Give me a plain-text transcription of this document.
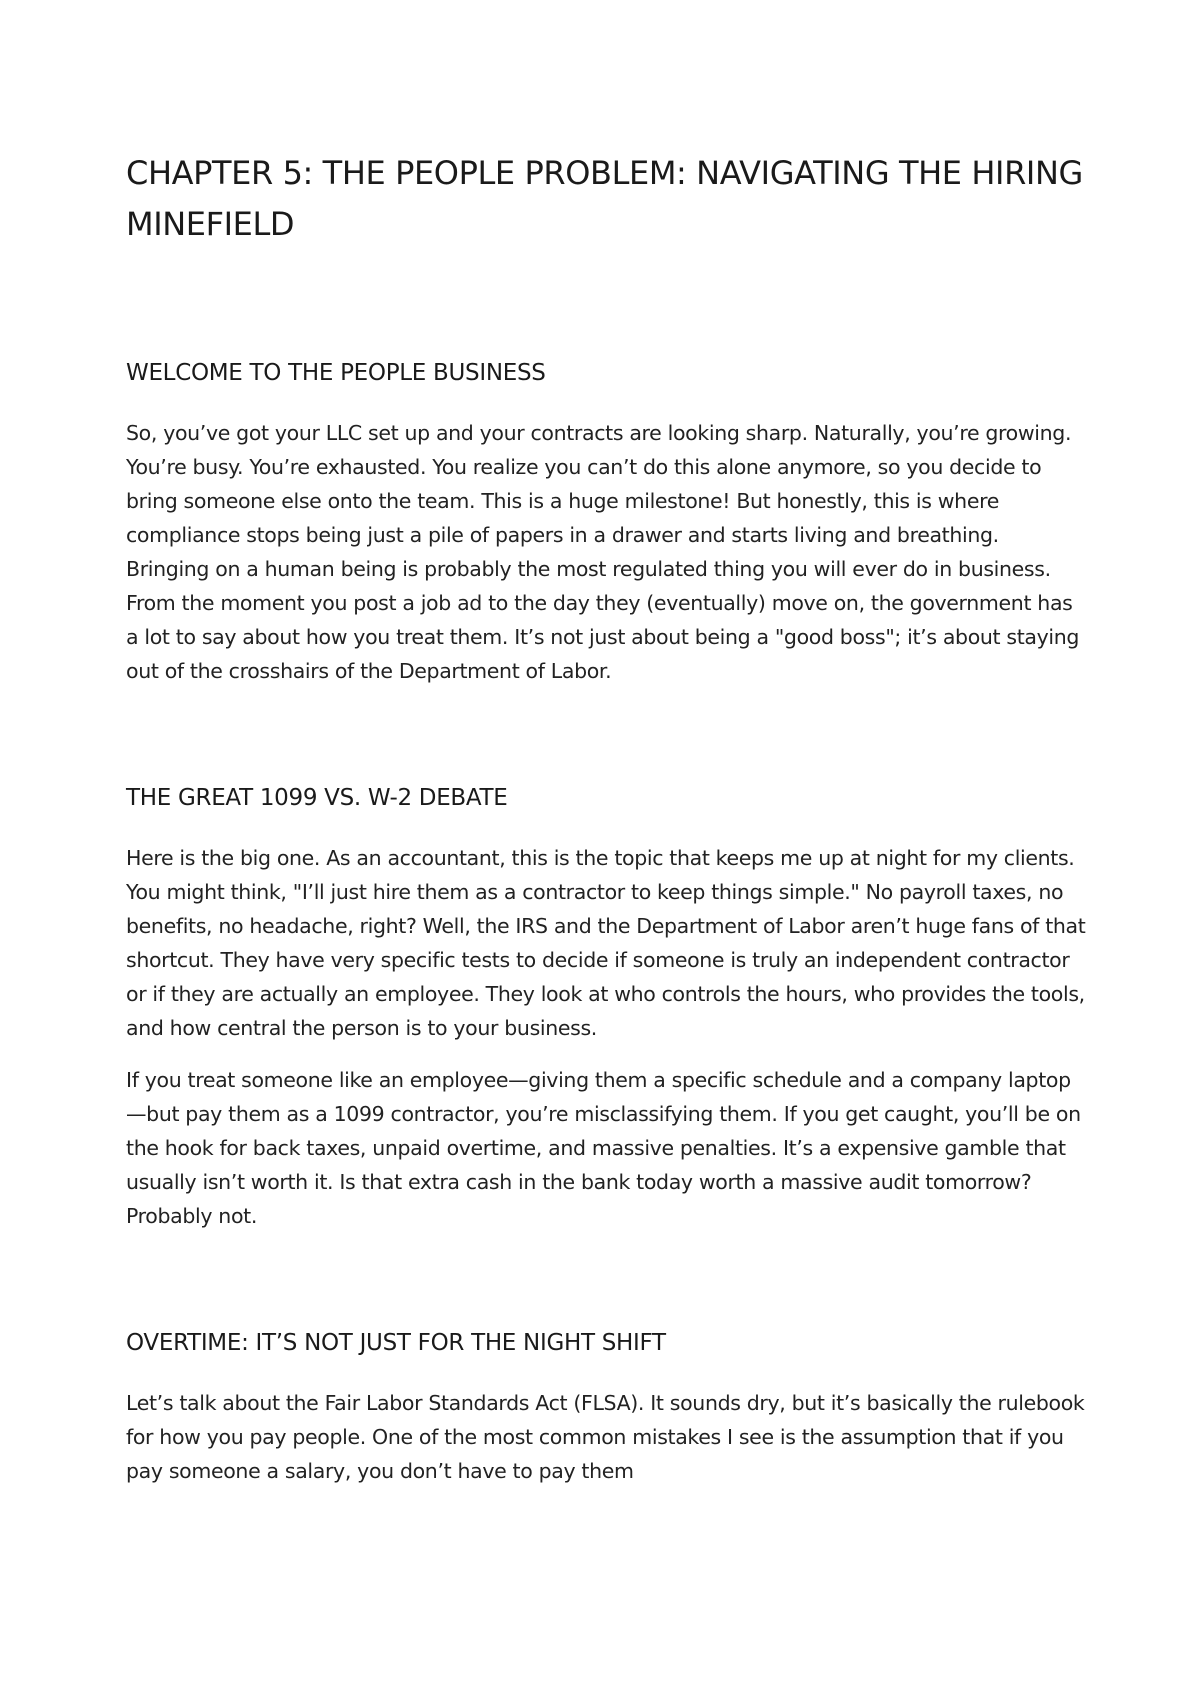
CHAPTER 5: THE PEOPLE PROBLEM: NAVIGATING THE HIRING MINEFIELD
WELCOME TO THE PEOPLE BUSINESS

So, you’ve got your LLC set up and your contracts are looking sharp. Naturally, you’re growing. You’re busy. You’re exhausted. You realize you can’t do this alone anymore, so you decide to bring someone else onto the team. This is a huge milestone! But honestly, this is where compliance stops being just a pile of papers in a drawer and starts living and breathing. Bringing on a human being is probably the most regulated thing you will ever do in business. From the moment you post a job ad to the day they (eventually) move on, the government has a lot to say about how you treat them. It’s not just about being a "good boss"; it’s about staying out of the crosshairs of the Department of Labor.

THE GREAT 1099 VS. W-2 DEBATE

Here is the big one. As an accountant, this is the topic that keeps me up at night for my clients. You might think, "I’ll just hire them as a contractor to keep things simple." No payroll taxes, no benefits, no headache, right? Well, the IRS and the Department of Labor aren’t huge fans of that shortcut. They have very specific tests to decide if someone is truly an independent contractor or if they are actually an employee. They look at who controls the hours, who provides the tools, and how central the person is to your business.

If you treat someone like an employee—giving them a specific schedule and a company laptop—but pay them as a 1099 contractor, you’re misclassifying them. If you get caught, you’ll be on the hook for back taxes, unpaid overtime, and massive penalties. It’s a expensive gamble that usually isn’t worth it. Is that extra cash in the bank today worth a massive audit tomorrow? Probably not.

OVERTIME: IT’S NOT JUST FOR THE NIGHT SHIFT

Let’s talk about the Fair Labor Standards Act (FLSA). It sounds dry, but it’s basically the rulebook for how you pay people. One of the most common mistakes I see is the assumption that if you pay someone a salary, you don’t have to pay them
